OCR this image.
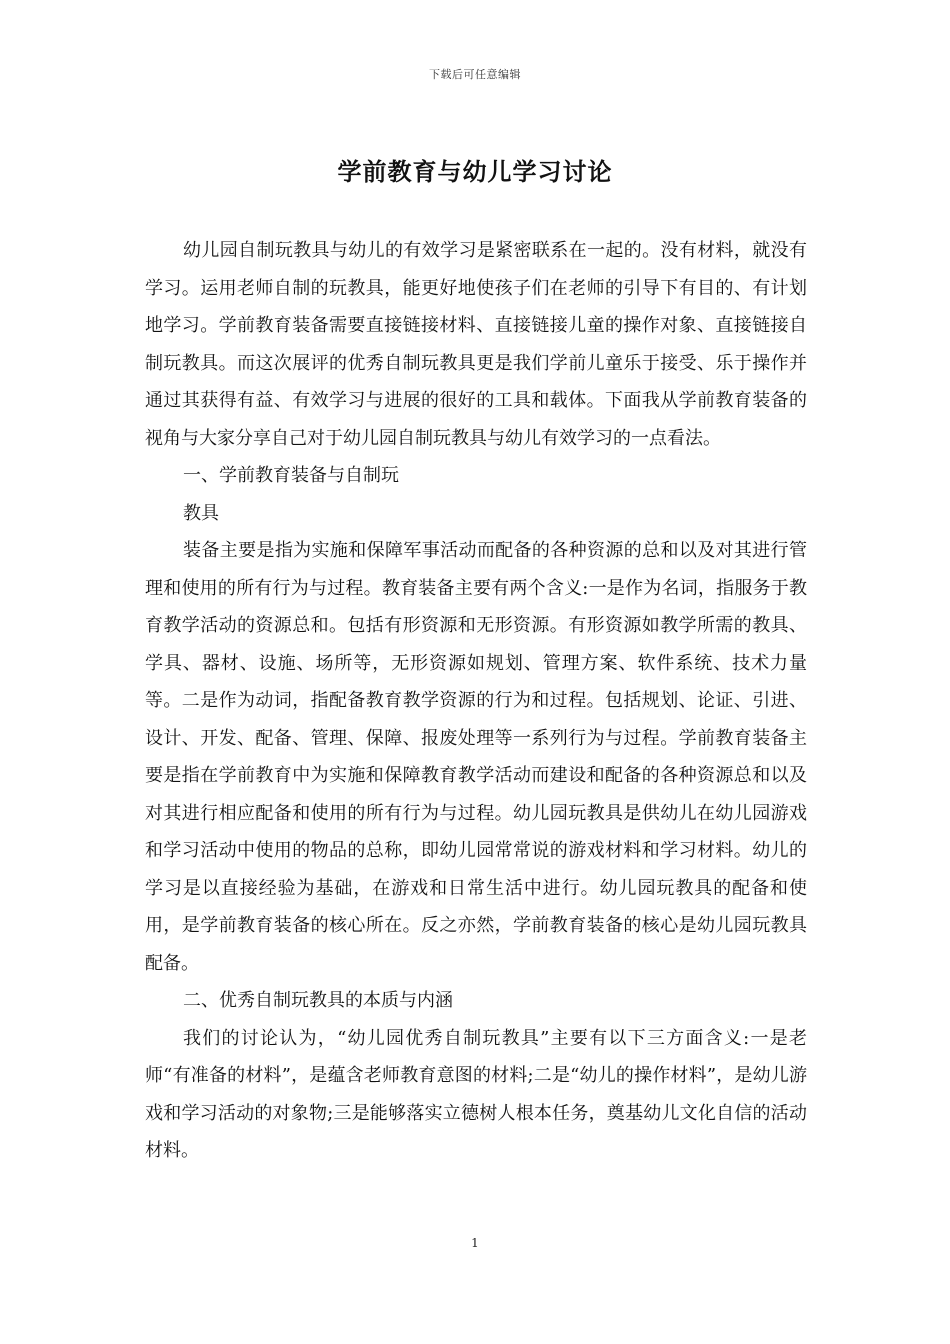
下载后可任意编辑
学前教育与幼儿学习讨论

幼儿园自制玩教具与幼儿的有效学习是紧密联系在一起的。没有材料，就没有学习。运用老师自制的玩教具，能更好地使孩子们在老师的引导下有目的、有计划地学习。学前教育装备需要直接链接材料、直接链接儿童的操作对象、直接链接自制玩教具。而这次展评的优秀自制玩教具更是我们学前儿童乐于接受、乐于操作并通过其获得有益、有效学习与进展的很好的工具和载体。下面我从学前教育装备的视角与大家分享自己对于幼儿园自制玩教具与幼儿有效学习的一点看法。

一、学前教育装备与自制玩

教具

装备主要是指为实施和保障军事活动而配备的各种资源的总和以及对其进行管理和使用的所有行为与过程。教育装备主要有两个含义:一是作为名词，指服务于教育教学活动的资源总和。包括有形资源和无形资源。有形资源如教学所需的教具、学具、器材、设施、场所等，无形资源如规划、管理方案、软件系统、技术力量等。二是作为动词，指配备教育教学资源的行为和过程。包括规划、论证、引进、设计、开发、配备、管理、保障、报废处理等一系列行为与过程。学前教育装备主要是指在学前教育中为实施和保障教育教学活动而建设和配备的各种资源总和以及对其进行相应配备和使用的所有行为与过程。幼儿园玩教具是供幼儿在幼儿园游戏和学习活动中使用的物品的总称，即幼儿园常常说的游戏材料和学习材料。幼儿的学习是以直接经验为基础，在游戏和日常生活中进行。幼儿园玩教具的配备和使用，是学前教育装备的核心所在。反之亦然，学前教育装备的核心是幼儿园玩教具配备。

二、优秀自制玩教具的本质与内涵

我们的讨论认为，“幼儿园优秀自制玩教具”主要有以下三方面含义:一是老师“有准备的材料”，是蕴含老师教育意图的材料;二是“幼儿的操作材料”，是幼儿游戏和学习活动的对象物;三是能够落实立德树人根本任务，奠基幼儿文化自信的活动材料。

1
